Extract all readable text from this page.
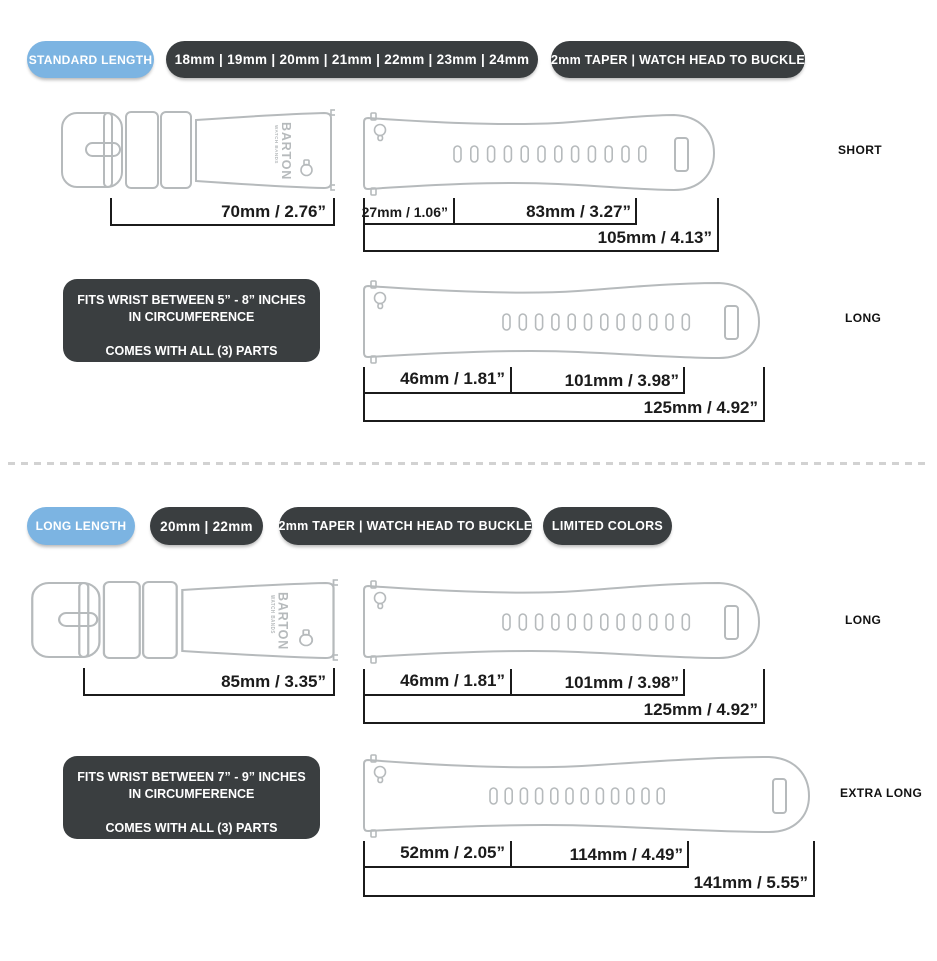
STANDARD LENGTH	18mm | 19mm | 20mm | 21mm | 22mm | 23mm | 24mm	2mm TAPER | WATCH HEAD TO BUCKLE
BARTON
WATCH BANDS
70mm / 2.76”
SHORT
105mm / 4.13”
27mm / 1.06”	83mm / 3.27”
FITS WRIST BETWEEN 5” - 8” INCHES
IN CIRCUMFERENCE
COMES WITH ALL (3) PARTS
LONG
125mm / 4.92”
46mm / 1.81”	101mm / 3.98”
LONG LENGTH	20mm | 22mm	2mm TAPER | WATCH HEAD TO BUCKLE	LIMITED COLORS
85mm / 3.35”
LONG
125mm / 4.92”
46mm / 1.81”	101mm / 3.98”
FITS WRIST BETWEEN 7” - 9” INCHES
IN CIRCUMFERENCE
COMES WITH ALL (3) PARTS
EXTRA LONG
141mm / 5.55”
52mm / 2.05”	114mm / 4.49”
